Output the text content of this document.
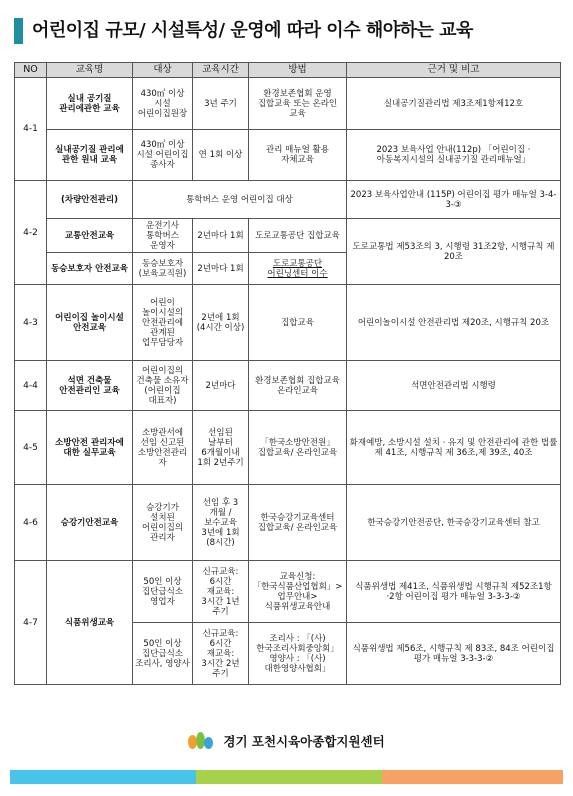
어린이집 규모/ 시설특성/ 운영에 따라 이수 해야하는 교육
NO	교육명	대상	교육시간	방법	근거 및 비고
4-1	실내 공기질 관리에관한 교육	430㎡ 이상 시설 어린이집원장	3년 주기	환경보존협회 운영 집합교육 또는 온라인 교육	실내공기질관리법 제3조제1항제12호
	실내공기질 관리에 관한 원내 교육	430㎡ 이상 시설 어린이집 종사자	연 1회 이상	관리 매뉴얼 활용 자체교육	2023 보육사업 안내(112p) 「어린이집 · 아동복지시설의 실내공기질 관리매뉴얼」
4-2	(차량안전관리)	통학버스 운영 어린이집 대상			2023 보육사업안내 (115P) 어린이집 평가 매뉴얼 3-4-3-③
	교통안전교육	운전기사 통학버스 운영자	2년마다 1회	도로교통공단 집합교육	도로교통법 제53조의 3, 시행령 31조2항, 시행규칙 제 20조
	동승보호자 안전교육	동승보호자 (보육교직원)	2년마다 1회	도로교통공단 어린닝센터 이수	
4-3	어린이집 놀이시설 안전교육	어린이 놀이시설의 안전관리에 관계된 업무담당자	2년에 1회 (4시간 이상)	집합교육	어린이놀이시설 안전관리법 제20조, 시행규칙 20조
4-4	석면 건축물 안전관리인 교육	어린이집의 건축물 소유자 (어린이집 대표자)	2년마다	환경보존협회 집합교육 온라인교육	석면안전관리법 시행령
4-5	소방안전 관리자에 대한 실무교육	소방관서에 선임 신고된 소방안전관리자	선임된 날부터 6개월이내 1회 2년주기	「한국소방안전원」 집합교육/ 온라인교육	화재예방, 소방시설 설치 · 유지 및 안전관리에 관한 법률 제 41조, 시행규칙 제 36조,제 39조, 40조
4-6	승강기안전교육	승강기가 설치된 어린이집의 관리자	선임 후 3 개월 / 보수교육 3년에 1회 (8시간)	한국승강기교육센터 집합교육/ 온라인교육	한국승강기안전공단, 한국승강기교육센터 참고
4-7	식품위생교육	50인 이상 집단급식소 영업자	신규교육: 6시간 재교육: 3시간 1년 주기	교육신청: 「한국식품산업협회」> 업무안내> 식품위생교육안내	식품위생법 제41조, 식품위생법 시행규칙 제52조1항·2항 어린이집 평가 매뉴얼 3-3-3-②
		50인 이상 집단급식소 조리사, 영양사	신규교육: 6시간 재교육: 3시간 2년 주기	조리사 : 「(사)한국조리사회중앙회」 영양사 : 「(사) 대한영양사협회」	식품위생법 제56조, 시행규칙 제 83조, 84조 어린이집 평가 매뉴얼 3-3-3-②
경기 포천시육아종합지원센터
